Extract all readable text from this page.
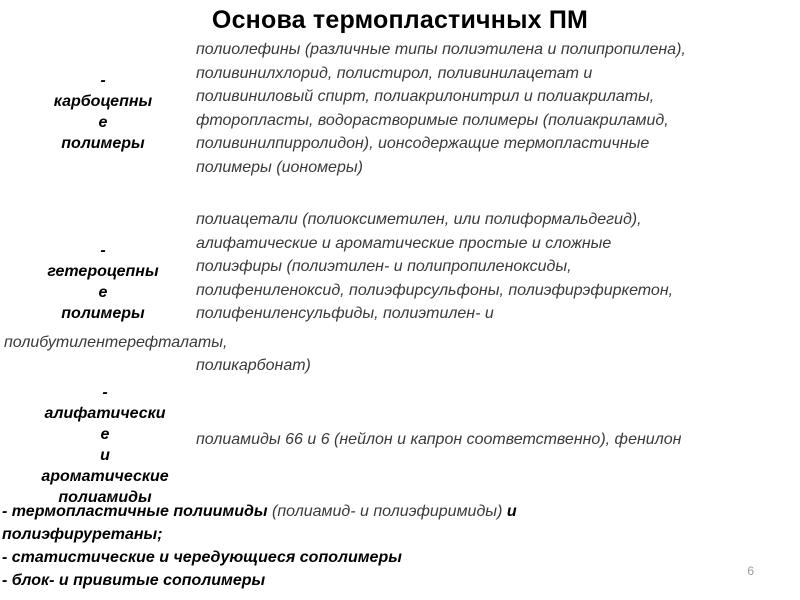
Основа термопластичных ПМ
-
карбоцепны
е
полимеры
полиолефины (различные типы полиэтилена и полипропилена),
поливинилхлорид, полистирол, поливинилацетат и
поливиниловый спирт, полиакрилонитрил и полиакрилаты,
фторопласты, водорастворимые полимеры (полиакриламид,
поливинилпирролидон), ионсодержащие термопластичные
полимеры (иономеры)
-
гетероцепны
е
полимеры
полиацетали (полиоксиметилен, или полиформальдегид),
алифатические и ароматические простые и сложные
полиэфиры (полиэтилен- и полипропиленоксиды,
полифениленоксид, полиэфирсульфоны, полиэфирэфиркетон,
полифениленсульфиды, полиэтилен- и
полибутилентерефталаты,
поликарбонат)
-
алифатически
е
и
ароматические
полиамиды
полиамиды 66 и 6 (нейлон и капрон соответственно), фенилон
- термопластичные полиимиды (полиамид- и полиэфиримиды) и
полиэфируретаны;
- статистические и чередующиеся сополимеры
- блок- и привитые сополимеры
6
